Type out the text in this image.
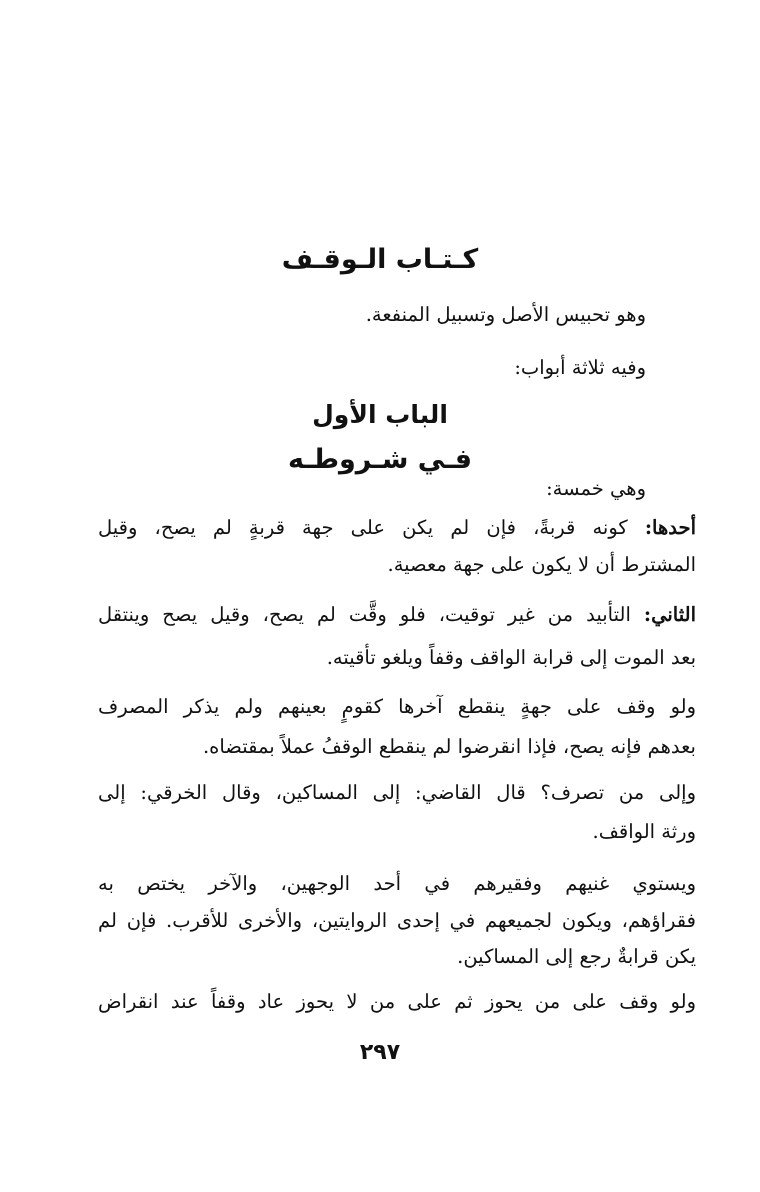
كـتـاب الـوقـف
وهو تحبيس الأصل وتسبيل المنفعة.
وفيه ثلاثة أبواب:
الباب الأول
فـي شـروطـه
وهي خمسة:
أحدها: كونه قربةً، فإن لم يكن على جهة قربةٍ لم يصح، وقيل
المشترط أن لا يكون على جهة معصية.
الثاني: التأبيد من غير توقيت، فلو وقَّت لم يصح، وقيل يصح وينتقل
بعد الموت إلى قرابة الواقف وقفاً ويلغو تأقيته.
ولو وقف على جهةٍ ينقطع آخرها كقومٍ بعينهم ولم يذكر المصرف
بعدهم فإنه يصح، فإذا انقرضوا لم ينقطع الوقفُ عملاً بمقتضاه.
وإلى من تصرف؟ قال القاضي: إلى المساكين، وقال الخرقي: إلى
ورثة الواقف.
ويستوي غنيهم وفقيرهم في أحد الوجهين، والآخر يختص به
فقراؤهم، ويكون لجميعهم في إحدى الروايتين، والأخرى للأقرب. فإن لم
يكن قرابةٌ رجع إلى المساكين.
ولو وقف على من يحوز ثم على من لا يحوز عاد وقفاً عند انقراض
٢٩٧
